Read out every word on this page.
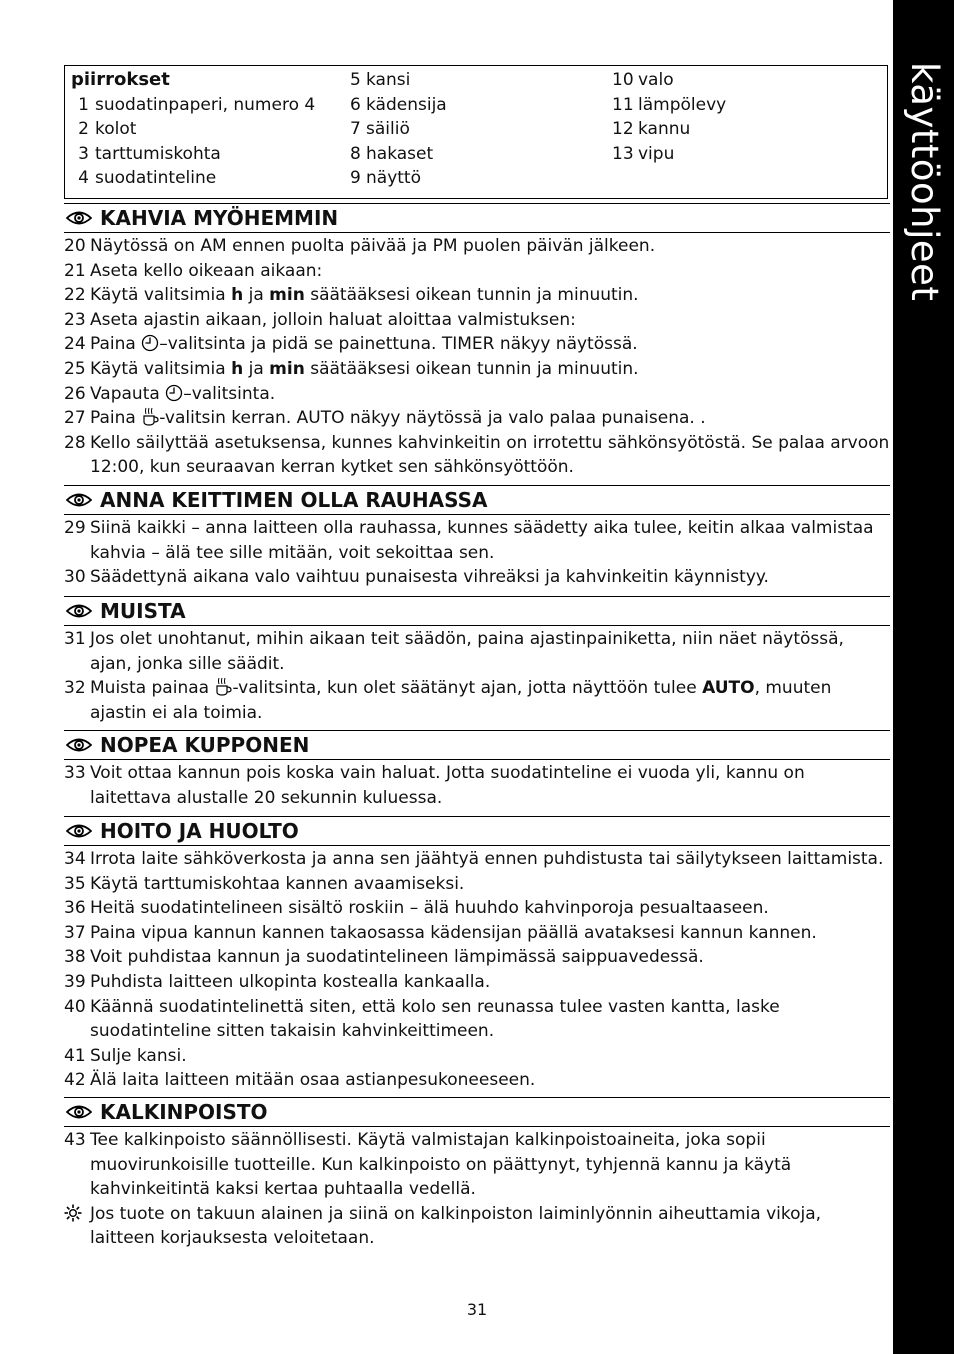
käyttöohjeet
piirrokset
1 suodatinpaperi, numero 4
2 kolot
3 tarttumiskohta
4 suodatinteline
5 kansi
6 kädensija
7 säiliö
8 hakaset
9 näyttö
10 valo
11 lämpölevy
12 kannu
13 vipu
KAHVIA MYÖHEMMIN
20 Näytössä on AM ennen puolta päivää ja PM puolen päivän jälkeen.
21 Aseta kello oikeaan aikaan:
22 Käytä valitsimia h ja min säätääksesi oikean tunnin ja minuutin.
23 Aseta ajastin aikaan, jolloin haluat aloittaa valmistuksen:
24 Paina –valitsinta ja pidä se painettuna. TIMER näkyy näytössä.
25 Käytä valitsimia h ja min säätääksesi oikean tunnin ja minuutin.
26 Vapauta –valitsinta.
27 Paina -valitsin kerran. AUTO näkyy näytössä ja valo palaa punaisena. .
28 Kello säilyttää asetuksensa, kunnes kahvinkeitin on irrotettu sähkönsyötöstä. Se palaa arvoon 12:00, kun seuraavan kerran kytket sen sähkönsyöttöön.
ANNA KEITTIMEN OLLA RAUHASSA
29 Siinä kaikki – anna laitteen olla rauhassa, kunnes säädetty aika tulee, keitin alkaa valmistaa kahvia – älä tee sille mitään, voit sekoittaa sen.
30 Säädettynä aikana valo vaihtuu punaisesta vihreäksi ja kahvinkeitin käynnistyy.
MUISTA
31 Jos olet unohtanut, mihin aikaan teit säädön, paina ajastinpainiketta, niin näet näytössä, ajan, jonka sille säädit.
32 Muista painaa -valitsinta, kun olet säätänyt ajan, jotta näyttöön tulee AUTO, muuten ajastin ei ala toimia.
NOPEA KUPPONEN
33 Voit ottaa kannun pois koska vain haluat. Jotta suodatinteline ei vuoda yli, kannu on laitettava alustalle 20 sekunnin kuluessa.
HOITO JA HUOLTO
34 Irrota laite sähköverkosta ja anna sen jäähtyä ennen puhdistusta tai säilytykseen laittamista.
35 Käytä tarttumiskohtaa kannen avaamiseksi.
36 Heitä suodatintelineen sisältö roskiin – älä huuhdo kahvinporoja pesualtaaseen.
37 Paina vipua kannun kannen takaosassa kädensijan päällä avataksesi kannun kannen.
38 Voit puhdistaa kannun ja suodatintelineen lämpimässä saippuavedessä.
39 Puhdista laitteen ulkopinta kostealla kankaalla.
40 Käännä suodatintelinettä siten, että kolo sen reunassa tulee vasten kantta, laske suodatinteline sitten takaisin kahvinkeittimeen.
41 Sulje kansi.
42 Älä laita laitteen mitään osaa astianpesukoneeseen.
KALKINPOISTO
43 Tee kalkinpoisto säännöllisesti. Käytä valmistajan kalkinpoistoaineita, joka sopii muovirunkoisille tuotteille. Kun kalkinpoisto on päättynyt, tyhjennä kannu ja käytä kahvinkeitintä kaksi kertaa puhtaalla vedellä.
Jos tuote on takuun alainen ja siinä on kalkinpoiston laiminlyönnin aiheuttamia vikoja, laitteen korjauksesta veloitetaan.
31
